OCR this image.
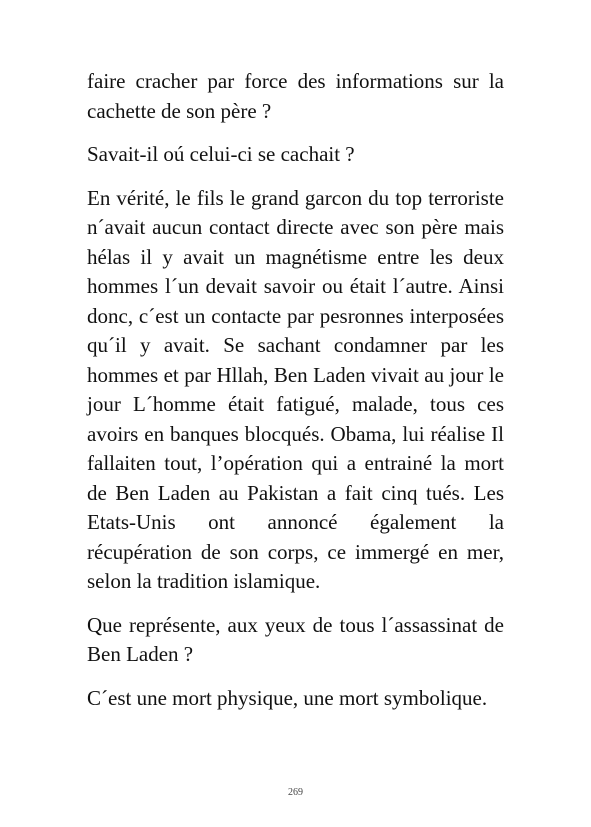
faire cracher par force des informations sur la cachette de son père ?

Savait-il oú celui-ci se cachait ?

En vérité, le fils le grand garcon du top terroriste n´avait aucun contact directe avec son père mais hélas il y avait un magnétisme entre les deux hommes l´un devait savoir ou était l´autre. Ainsi donc, c´est un contacte par pesronnes interposées qu´il y avait. Se sachant condamner par les hommes et par Hllah, Ben Laden vivait au jour le jour L´homme était fatigué, malade, tous ces avoirs en banques blocqués. Obama, lui réalise Il fallaiten tout, l’opération qui a entrainé la mort de Ben Laden au Pakistan a fait cinq tués. Les Etats-Unis ont annoncé également la récupération de son corps, ce immergé en mer, selon la tradition islamique.

Que représente, aux yeux de tous l´assassinat de Ben Laden ?

C´est une mort physique, une mort symbolique.

269
